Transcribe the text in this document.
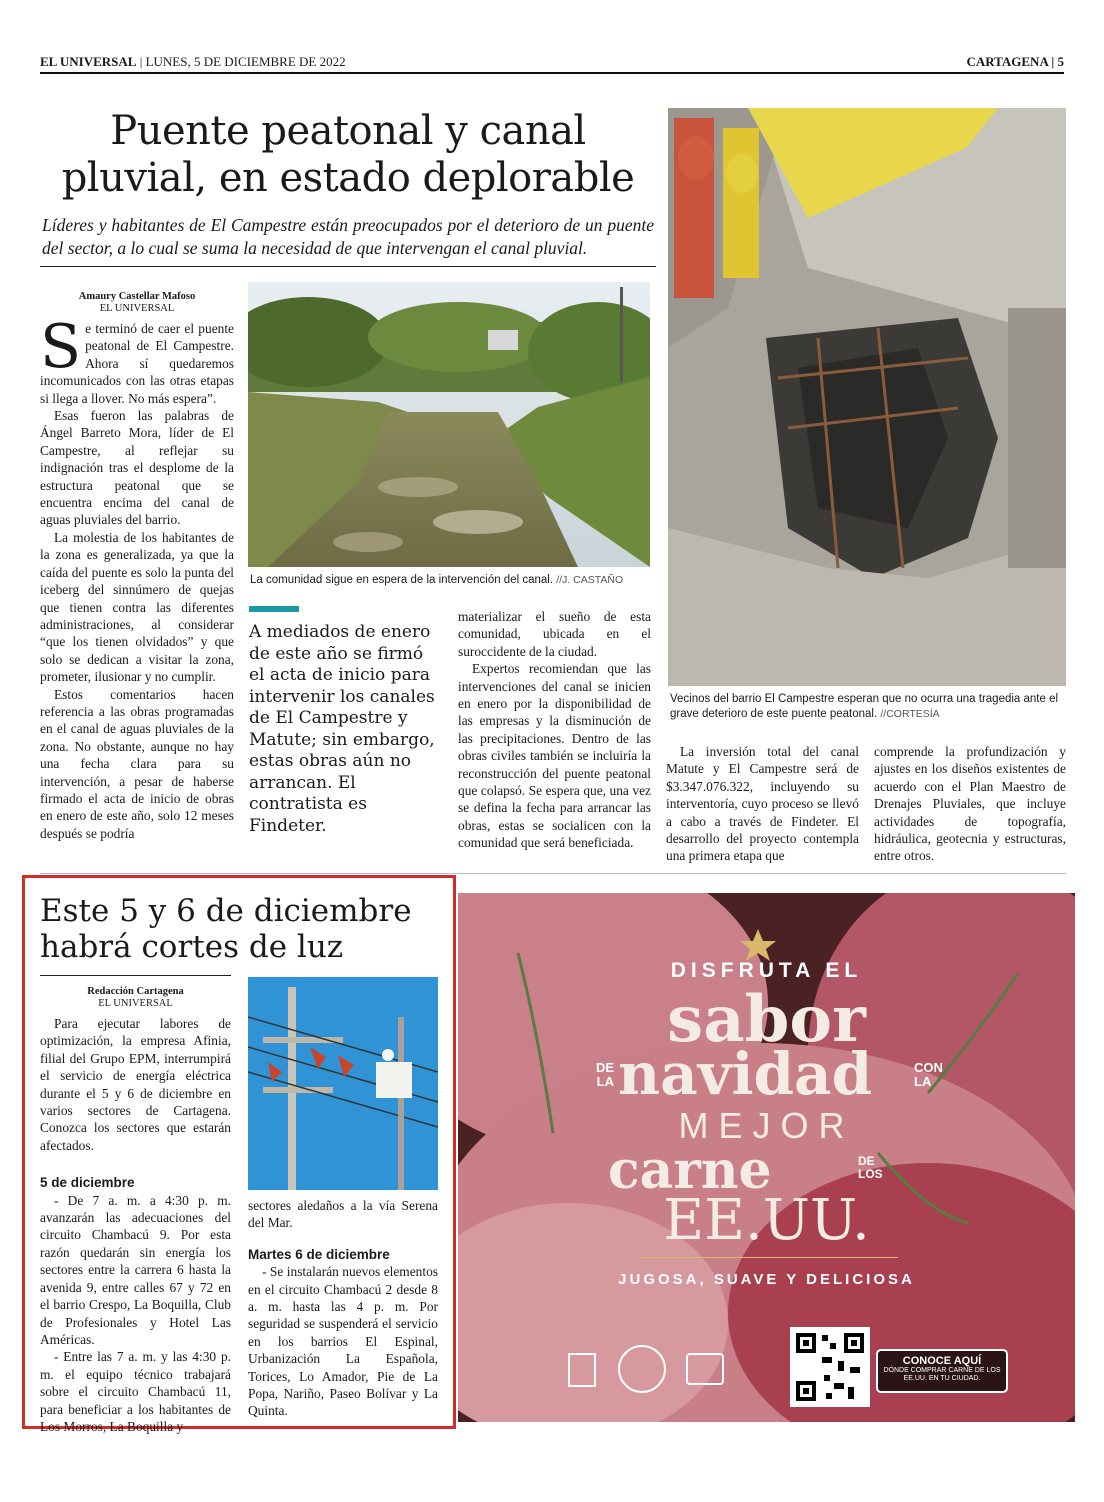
EL UNIVERSAL | LUNES, 5 DE DICIEMBRE DE 2022	CARTAGENA | 5
Puente peatonal y canal pluvial, en estado deplorable
Líderes y habitantes de El Campestre están preocupados por el deterioro de un puente del sector, a lo cual se suma la necesidad de que intervengan el canal pluvial.
Amaury Castellar Mafoso
EL UNIVERSAL

Se terminó de caer el puente peatonal de El Campestre. Ahora sí quedaremos incomunicados con las otras etapas si llega a llover. No más espera”.

Esas fueron las palabras de Ángel Barreto Mora, líder de El Campestre, al reflejar su indignación tras el desplome de la estructura peatonal que se encuentra encima del canal de aguas pluviales del barrio.

La molestia de los habitantes de la zona es generalizada, ya que la caída del puente es solo la punta del iceberg del sinnúmero de quejas que tienen contra las diferentes administraciones, al considerar “que los tienen olvidados” y que solo se dedican a visitar la zona, prometer, ilusionar y no cumplir.

Estos comentarios hacen referencia a las obras programadas en el canal de aguas pluviales de la zona. No obstante, aunque no hay una fecha clara para su intervención, a pesar de haberse firmado el acta de inicio de obras en enero de este año, solo 12 meses después se podría

La comunidad sigue en espera de la intervención del canal. //J. CASTAÑO
A mediados de enero de este año se firmó el acta de inicio para intervenir los canales de El Campestre y Matute; sin embargo, estas obras aún no arrancan. El contratista es Findeter.

materializar el sueño de esta comunidad, ubicada en el suroccidente de la ciudad.

Expertos recomiendan que las intervenciones del canal se inicien en enero por la disponibilidad de las empresas y la disminución de las precipitaciones. Dentro de las obras civiles también se incluiría la reconstrucción del puente peatonal que colapsó. Se espera que, una vez se defina la fecha para arrancar las obras, estas se socialicen con la comunidad que será beneficiada.

Vecinos del barrio El Campestre esperan que no ocurra una tragedia ante el grave deterioro de este puente peatonal. //CORTESÍA

La inversión total del canal Matute y El Campestre será de $3.347.076.322, incluyendo su interventoría, cuyo proceso se llevó a cabo a través de Findeter. El desarrollo del proyecto contempla una primera etapa que

comprende la profundización y ajustes en los diseños existentes de acuerdo con el Plan Maestro de Drenajes Pluviales, que incluye actividades de topografía, hidráulica, geotecnia y estructuras, entre otros.

Este 5 y 6 de diciembre habrá cortes de luz
Redacción Cartagena
EL UNIVERSAL

Para ejecutar labores de optimización, la empresa Afinia, filial del Grupo EPM, interrumpirá el servicio de energía eléctrica durante el 5 y 6 de diciembre en varios sectores de Cartagena. Conozca los sectores que estarán afectados.

5 de diciembre

- De 7 a. m. a 4:30 p. m. avanzarán las adecuaciones del circuito Chambacú 9. Por esta razón quedarán sin energía los sectores entre la carrera 6 hasta la avenida 9, entre calles 67 y 72 en el barrio Crespo, La Boquilla, Club de Profesionales y Hotel Las Américas.

- Entre las 7 a. m. y las 4:30 p. m. el equipo técnico trabajará sobre el circuito Chambacú 11, para beneficiar a los habitantes de Los Morros, La Boquilla y

sectores aledaños a la vía Serena del Mar.

Martes 6 de diciembre

- Se instalarán nuevos elementos en el circuito Chambacú 2 desde 8 a. m. hasta las 4 p. m. Por seguridad se suspenderá el servicio en los barrios El Espinal, Urbanización La Española, Torices, Lo Amador, Pie de La Popa, Nariño, Paseo Bolívar y La Quinta.

DISFRUTA EL
sabor
DE LA navidad	CON LA
MEJOR
carne	DE LOS
EE.UU.
JUGOSA, SUAVE Y DELICIOSA
CONOCE AQUÍ
DÓNDE COMPRAR CARNE DE LOS EE.UU. EN TU CIUDAD.
